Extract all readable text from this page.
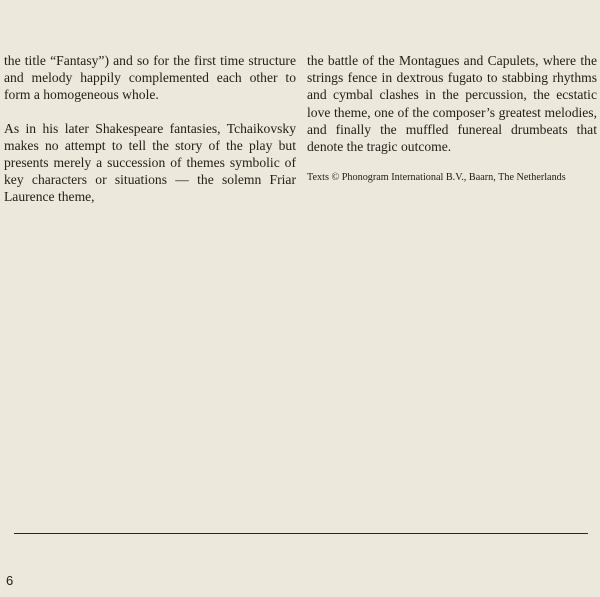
the title “Fantasy”) and so for the first time structure and melody happily complemented each other to form a homogeneous whole.

As in his later Shakespeare fantasies, Tchaikovsky makes no attempt to tell the story of the play but presents merely a succession of themes symbolic of key characters or situations — the solemn Friar Laurence theme,

the battle of the Montagues and Capulets, where the strings fence in dextrous fugato to stabbing rhythms and cymbal clashes in the percussion, the ecstatic love theme, one of the composer’s greatest melodies, and finally the muffled funereal drumbeats that denote the tragic outcome.

Texts © Phonogram International B.V., Baarn, The Netherlands

6
